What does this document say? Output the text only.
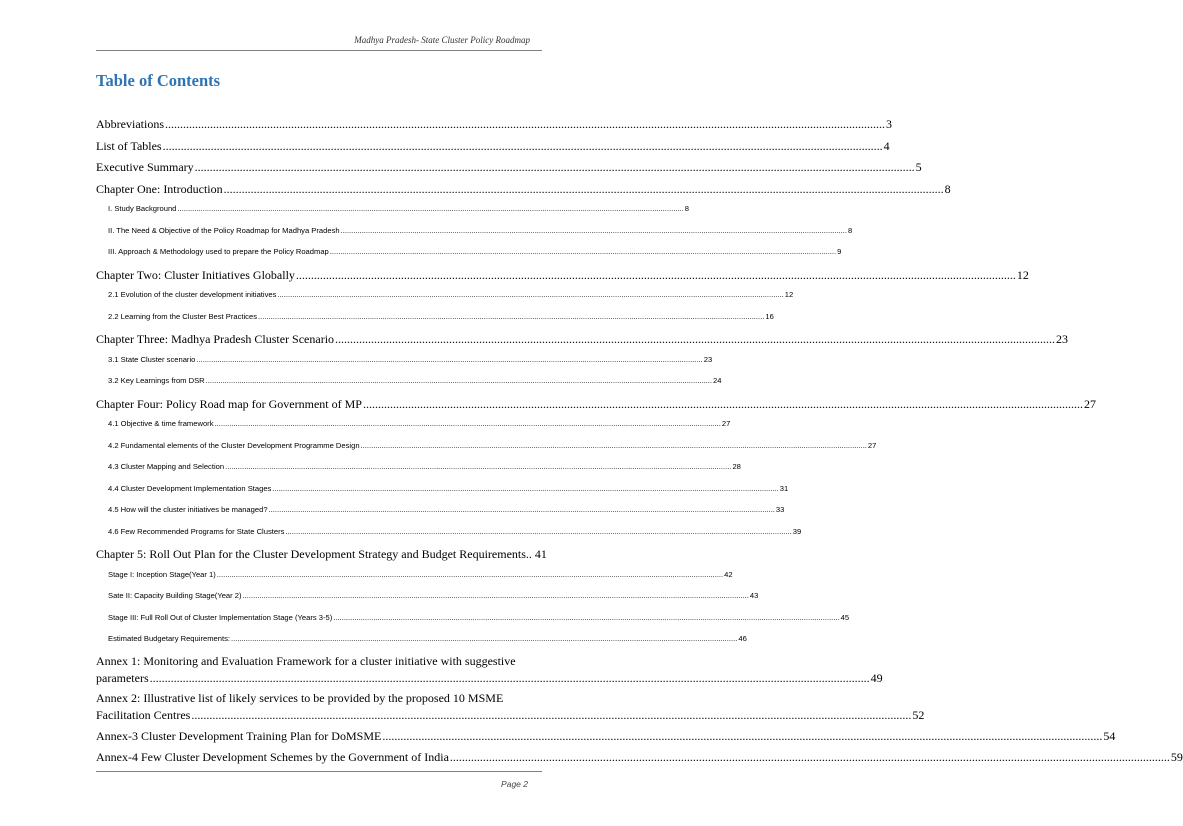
Madhya Pradesh- State Cluster Policy Roadmap
Table of Contents
Abbreviations .....	3
List of Tables .....	4
Executive Summary .....	5
Chapter One: Introduction .....	8
I. Study Background .....	8
II. The Need & Objective of the Policy Roadmap for Madhya Pradesh .....	8
III. Approach & Methodology used to prepare the Policy Roadmap .....	9
Chapter Two: Cluster Initiatives Globally .....	12
2.1 Evolution of the cluster development initiatives .....	12
2.2 Learning from the Cluster Best Practices .....	16
Chapter Three: Madhya Pradesh Cluster Scenario .....	23
3.1 State Cluster scenario .....	23
3.2 Key Learnings from DSR .....	24
Chapter Four: Policy Road map for Government of MP .....	27
4.1 Objective & time framework .....	27
4.2 Fundamental elements of the Cluster Development Programme Design .....	27
4.3 Cluster Mapping and Selection .....	28
4.4 Cluster Development Implementation Stages .....	31
4.5 How will the cluster initiatives be managed? .....	33
4.6 Few Recommended Programs for State Clusters .....	39
Chapter 5: Roll Out Plan for the Cluster Development Strategy and Budget Requirements.. 41
Stage I: Inception Stage(Year 1) .....	42
Sate II: Capacity Building Stage(Year 2) .....	43
Stage III: Full Roll Out of Cluster Implementation Stage (Years 3-5) .....	45
Estimated Budgetary Requirements: .....	46
Annex 1: Monitoring and Evaluation Framework for a cluster initiative with suggestive
parameters .....	49
Annex 2: Illustrative list of likely services to be provided by the proposed 10 MSME
Facilitation Centres .....	52
Annex-3 Cluster Development Training Plan for DoMSME .....	54
Annex-4 Few Cluster Development Schemes by the Government of India .....	59
Page 2
